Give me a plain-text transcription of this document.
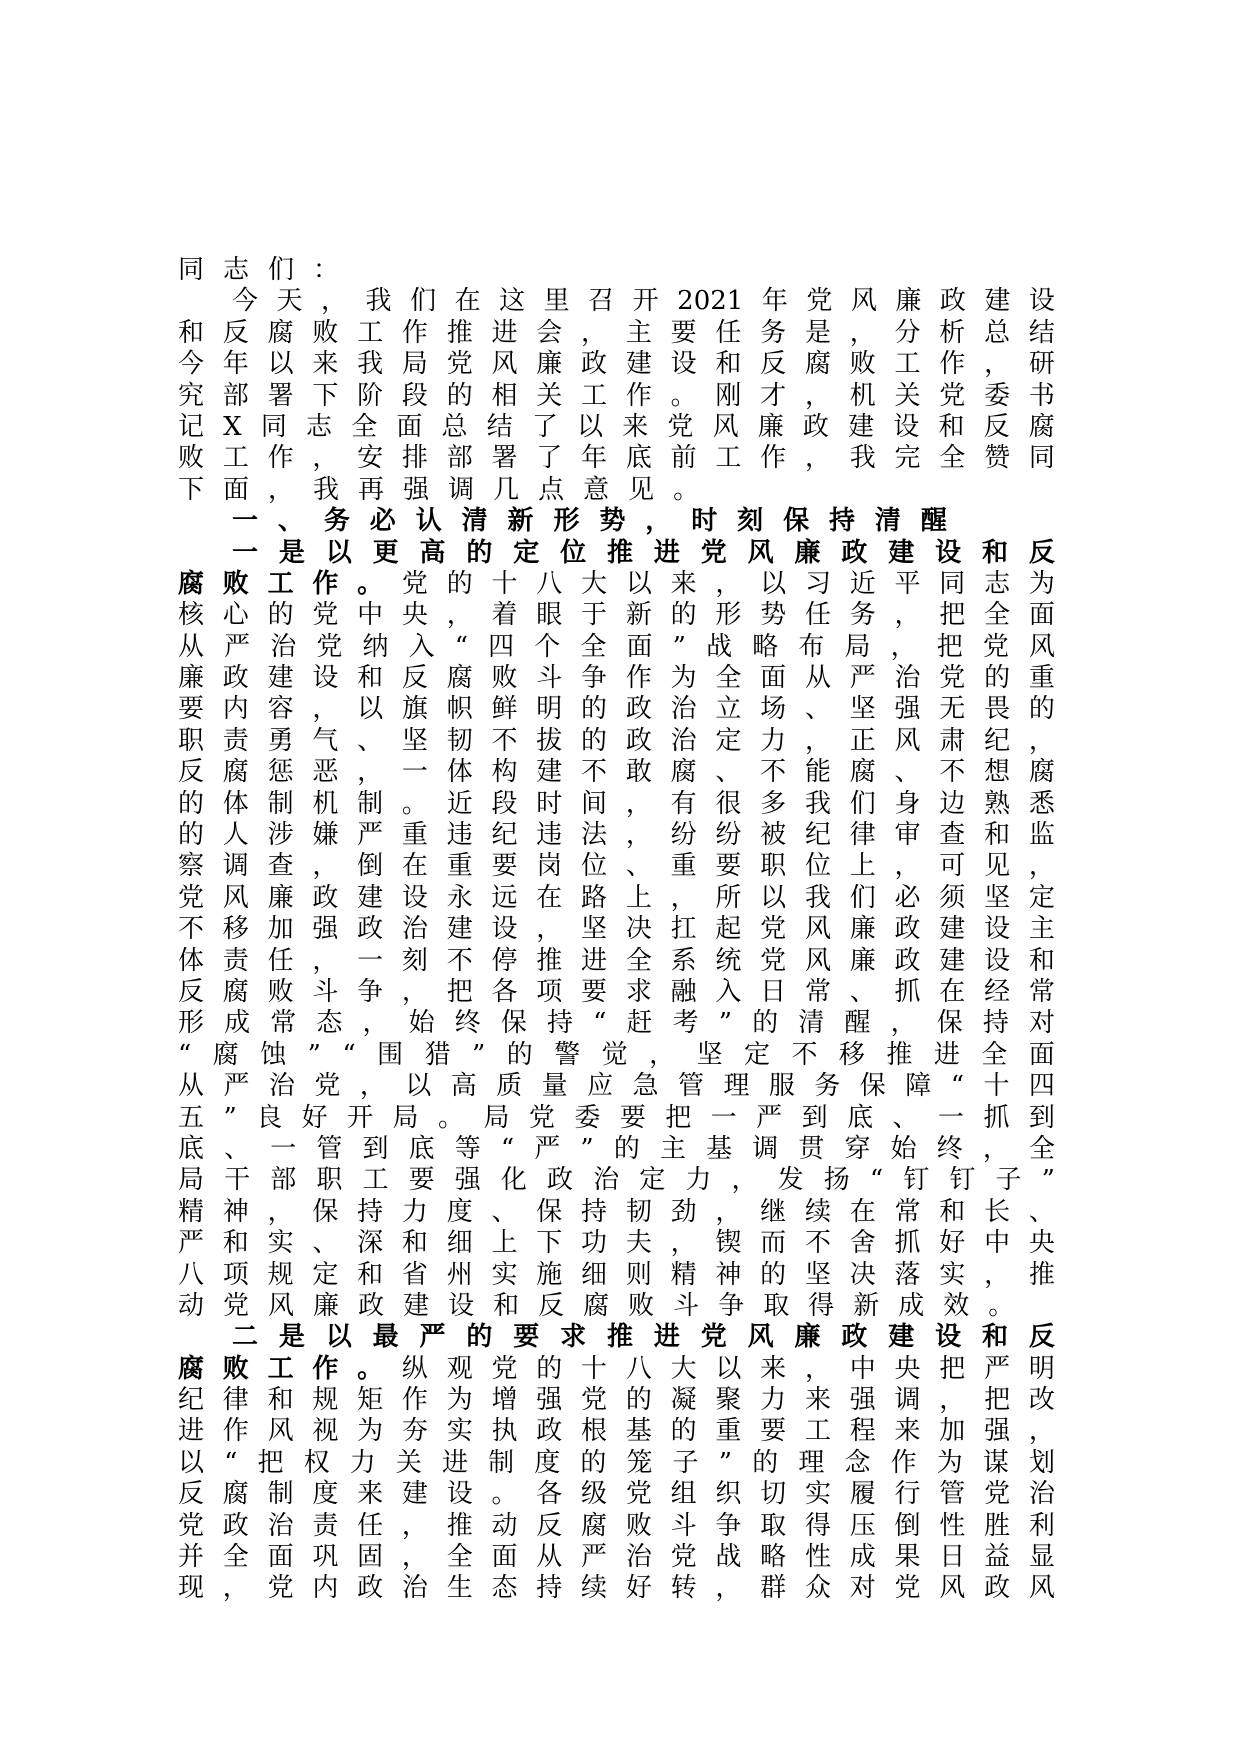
同 志 们 ：
今 天 ， 我 们 在 这 里 召 开 2021 年 党 风 廉 政 建 设
和 反 腐 败 工 作 推 进 会 ， 主 要 任 务 是 ， 分 析 总 结
今 年 以 来 我 局 党 风 廉 政 建 设 和 反 腐 败 工 作 ， 研
究 部 署 下 阶 段 的 相 关 工 作 。 刚 才 ， 机 关 党 委 书
记 X 同 志 全 面 总 结 了 以 来 党 风 廉 政 建 设 和 反 腐
败 工 作 ， 安 排 部 署 了 年 底 前 工 作 ， 我 完 全 赞 同
下 面 ， 我 再 强 调 几 点 意 见 。
一 、 务 必 认 清 新 形 势 ， 时 刻 保 持 清 醒
一 是 以 更 高 的 定 位 推 进 党 风 廉 政 建 设 和 反
腐 败 工 作 。 党 的 十 八 大 以 来 ， 以 习 近 平 同 志 为
核 心 的 党 中 央 ， 着 眼 于 新 的 形 势 任 务 ， 把 全 面
从 严 治 党 纳 入 “ 四 个 全 面 ” 战 略 布 局 ， 把 党 风
廉 政 建 设 和 反 腐 败 斗 争 作 为 全 面 从 严 治 党 的 重
要 内 容 ， 以 旗 帜 鲜 明 的 政 治 立 场 、 坚 强 无 畏 的
职 责 勇 气 、 坚 韧 不 拔 的 政 治 定 力 ， 正 风 肃 纪 ，
反 腐 惩 恶 ， 一 体 构 建 不 敢 腐 、 不 能 腐 、 不 想 腐
的 体 制 机 制 。 近 段 时 间 ， 有 很 多 我 们 身 边 熟 悉
的 人 涉 嫌 严 重 违 纪 违 法 ， 纷 纷 被 纪 律 审 查 和 监
察 调 查 ， 倒 在 重 要 岗 位 、 重 要 职 位 上 ， 可 见 ，
党 风 廉 政 建 设 永 远 在 路 上 ， 所 以 我 们 必 须 坚 定
不 移 加 强 政 治 建 设 ， 坚 决 扛 起 党 风 廉 政 建 设 主
体 责 任 ， 一 刻 不 停 推 进 全 系 统 党 风 廉 政 建 设 和
反 腐 败 斗 争 ， 把 各 项 要 求 融 入 日 常 、 抓 在 经 常
形 成 常 态 ， 始 终 保 持 “ 赶 考 ” 的 清 醒 ， 保 持 对
“ 腐 蚀 ” “ 围 猎 ” 的 警 觉 ， 坚 定 不 移 推 进 全 面
从 严 治 党 ， 以 高 质 量 应 急 管 理 服 务 保 障 “ 十 四
五 ” 良 好 开 局 。 局 党 委 要 把 一 严 到 底 、 一 抓 到
底 、 一 管 到 底 等 “ 严 ” 的 主 基 调 贯 穿 始 终 ， 全
局 干 部 职 工 要 强 化 政 治 定 力 ， 发 扬 “ 钉 钉 子 ”
精 神 ， 保 持 力 度 、 保 持 韧 劲 ， 继 续 在 常 和 长 、
严 和 实 、 深 和 细 上 下 功 夫 ， 锲 而 不 舍 抓 好 中 央
八 项 规 定 和 省 州 实 施 细 则 精 神 的 坚 决 落 实 ， 推
动 党 风 廉 政 建 设 和 反 腐 败 斗 争 取 得 新 成 效 。
二 是 以 最 严 的 要 求 推 进 党 风 廉 政 建 设 和 反
腐 败 工 作 。 纵 观 党 的 十 八 大 以 来 ， 中 央 把 严 明
纪 律 和 规 矩 作 为 增 强 党 的 凝 聚 力 来 强 调 ， 把 改
进 作 风 视 为 夯 实 执 政 根 基 的 重 要 工 程 来 加 强 ，
以 “ 把 权 力 关 进 制 度 的 笼 子 ” 的 理 念 作 为 谋 划
反 腐 制 度 来 建 设 。 各 级 党 组 织 切 实 履 行 管 党 治
党 政 治 责 任 ， 推 动 反 腐 败 斗 争 取 得 压 倒 性 胜 利
并 全 面 巩 固 ， 全 面 从 严 治 党 战 略 性 成 果 日 益 显
现 ， 党 内 政 治 生 态 持 续 好 转 ， 群 众 对 党 风 政 风
